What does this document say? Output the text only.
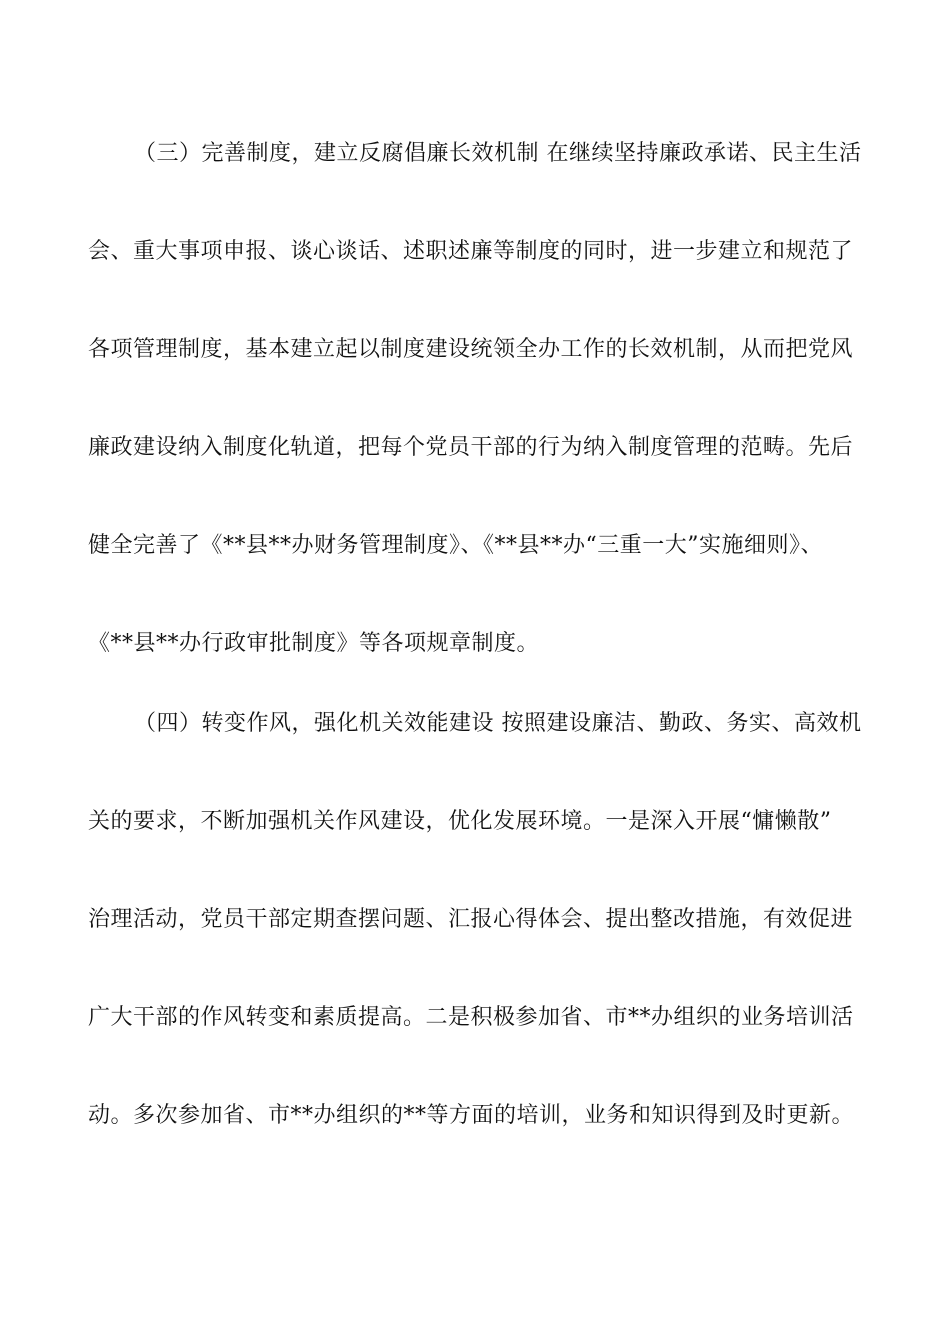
（三）完善制度，建立反腐倡廉长效机制 在继续坚持廉政承诺、民主生活
会、重大事项申报、谈心谈话、述职述廉等制度的同时，进一步建立和规范了
各项管理制度，基本建立起以制度建设统领全办工作的长效机制，从而把党风
廉政建设纳入制度化轨道，把每个党员干部的行为纳入制度管理的范畴。先后
健全完善了《**县**办财务管理制度》、《**县**办“三重一大”实施细则》、
《**县**办行政审批制度》等各项规章制度。
（四）转变作风，强化机关效能建设 按照建设廉洁、勤政、务实、高效机
关的要求，不断加强机关作风建设，优化发展环境。一是深入开展“慵懒散”
治理活动，党员干部定期查摆问题、汇报心得体会、提出整改措施，有效促进
广大干部的作风转变和素质提高。二是积极参加省、市**办组织的业务培训活
动。多次参加省、市**办组织的**等方面的培训，业务和知识得到及时更新。
